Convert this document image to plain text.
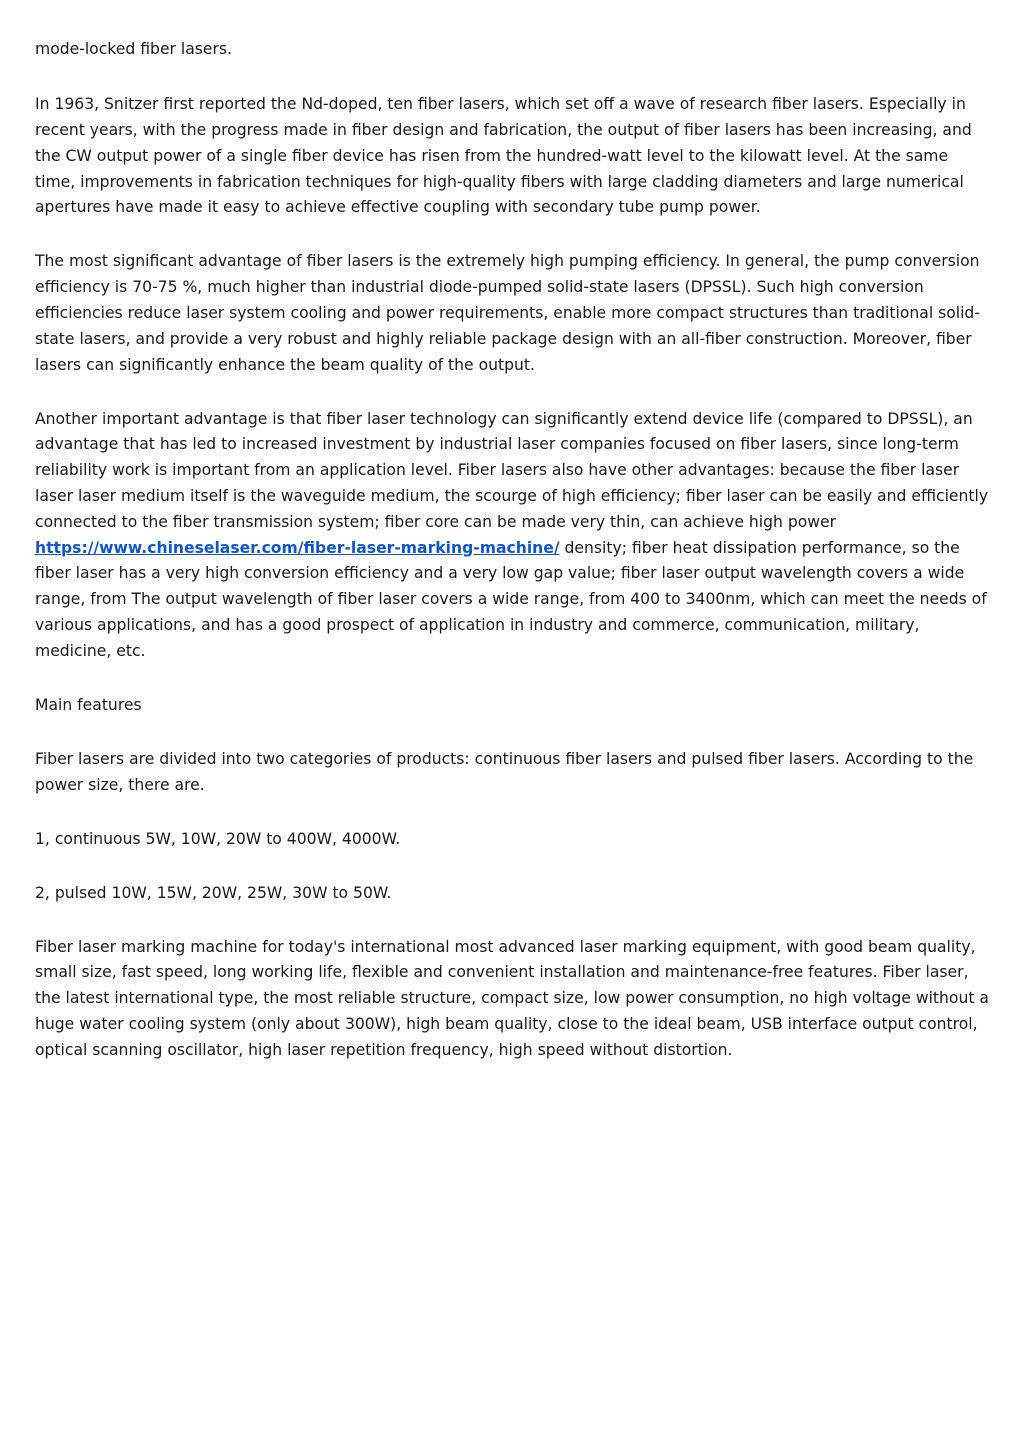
mode-locked fiber lasers.

In 1963, Snitzer first reported the Nd-doped, ten fiber lasers, which set off a wave of research fiber lasers. Especially in recent years, with the progress made in fiber design and fabrication, the output of fiber lasers has been increasing, and the CW output power of a single fiber device has risen from the hundred-watt level to the kilowatt level. At the same time, improvements in fabrication techniques for high-quality fibers with large cladding diameters and large numerical apertures have made it easy to achieve effective coupling with secondary tube pump power.

The most significant advantage of fiber lasers is the extremely high pumping efficiency. In general, the pump conversion efficiency is 70-75 %, much higher than industrial diode-pumped solid-state lasers (DPSSL). Such high conversion efficiencies reduce laser system cooling and power requirements, enable more compact structures than traditional solid-state lasers, and provide a very robust and highly reliable package design with an all-fiber construction. Moreover, fiber lasers can significantly enhance the beam quality of the output.

Another important advantage is that fiber laser technology can significantly extend device life (compared to DPSSL), an advantage that has led to increased investment by industrial laser companies focused on fiber lasers, since long-term reliability work is important from an application level. Fiber lasers also have other advantages: because the fiber laser laser laser medium itself is the waveguide medium, the scourge of high efficiency; fiber laser can be easily and efficiently connected to the fiber transmission system; fiber core can be made very thin, can achieve high power https://www.chineselaser.com/fiber-laser-marking-machine/ density; fiber heat dissipation performance, so the fiber laser has a very high conversion efficiency and a very low gap value; fiber laser output wavelength covers a wide range, from The output wavelength of fiber laser covers a wide range, from 400 to 3400nm, which can meet the needs of various applications, and has a good prospect of application in industry and commerce, communication, military, medicine, etc.

Main features

Fiber lasers are divided into two categories of products: continuous fiber lasers and pulsed fiber lasers. According to the power size, there are.

1, continuous 5W, 10W, 20W to 400W, 4000W.

2, pulsed 10W, 15W, 20W, 25W, 30W to 50W.

Fiber laser marking machine for today's international most advanced laser marking equipment, with good beam quality, small size, fast speed, long working life, flexible and convenient installation and maintenance-free features. Fiber laser, the latest international type, the most reliable structure, compact size, low power consumption, no high voltage without a huge water cooling system (only about 300W), high beam quality, close to the ideal beam, USB interface output control, optical scanning oscillator, high laser repetition frequency, high speed without distortion.
